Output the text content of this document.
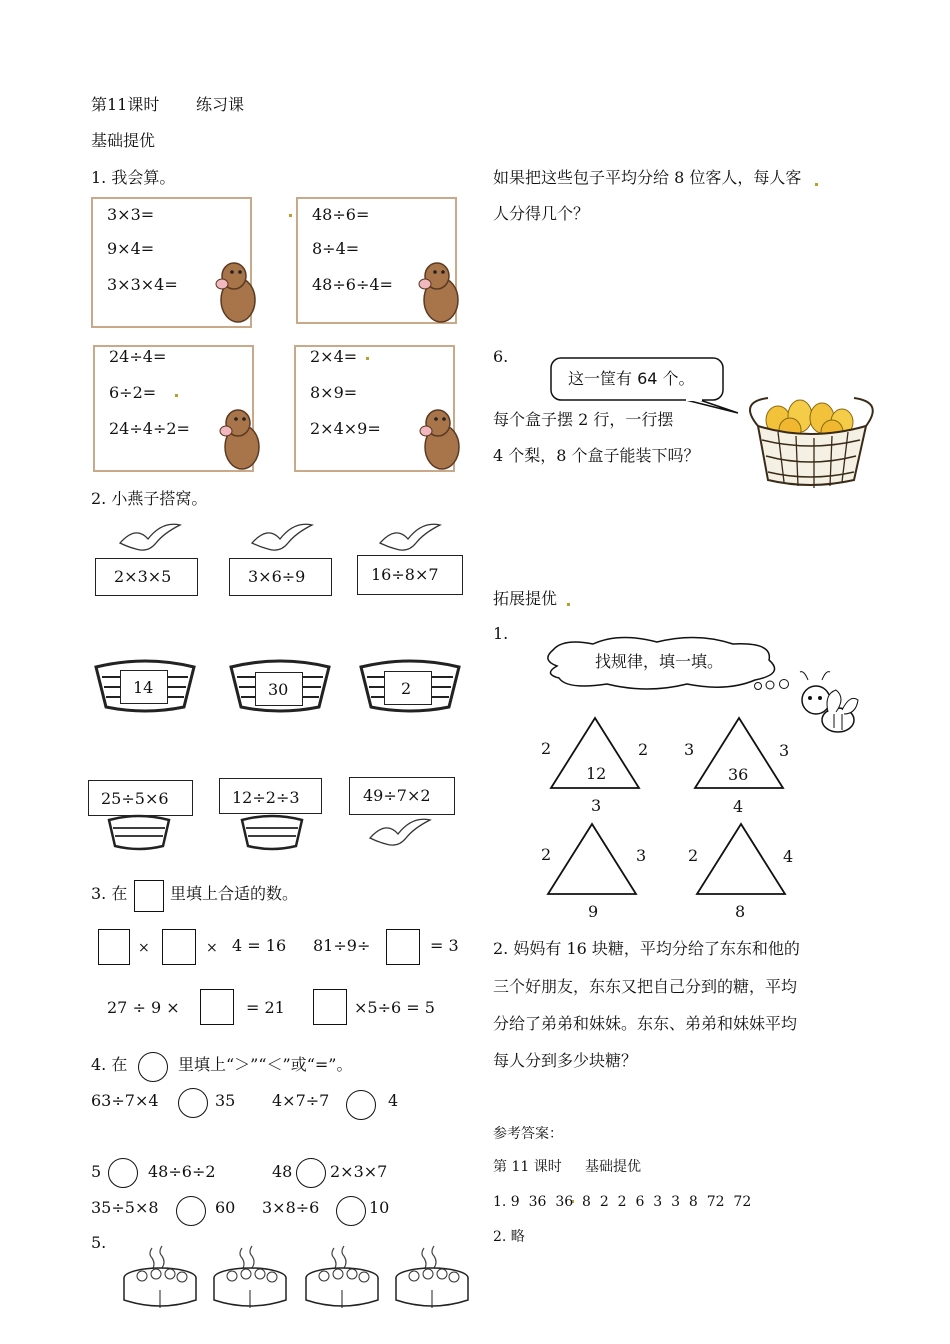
第11课时 练习课
基础提优
1. 我会算。
3×3=
9×4=
3×3×4=
48÷6=
8÷4=
48÷6÷4=
24÷4=
6÷2=
24÷4÷2=
2×4=
8×9=
2×4×9=
2. 小燕子搭窝。
2×3×5	3×6÷9	16÷8×7
14	30	2
25÷5×6	12÷2÷3	49÷7×2
3. 在	里填上合适的数。
×	× 4 = 16 81÷9÷	= 3
27 ÷ 9 ×	= 21	×5÷6 = 5
4. 在	里填上“＞”“＜”或“=”。
63÷7×4	35 4×7÷7	4
5	48÷6÷2	48 2×3×7
35÷5×8	60 3×8÷6	10
5.
如果把这些包子平均分给 8 位客人，每人客
人分得几个？
6.
这一筐有 64 个。
每个盒子摆 2 行，一行摆
4 个梨，8 个盒子能装下吗？
拓展提优
1.
找规律，填一填。
2	2
12
3
3	3
36
4
2	3
9
2	4
8
2. 妈妈有 16 块糖，平均分给了东东和他的
三个好朋友，东东又把自己分到的糖，平均
分给了弟弟和妹妹。东东、弟弟和妹妹平均
每人分到多少块糖？
参考答案：
第 11 课时 基础提优
1. 9  36  36  8  2  2  6  3  3  8  72  72
2. 略
